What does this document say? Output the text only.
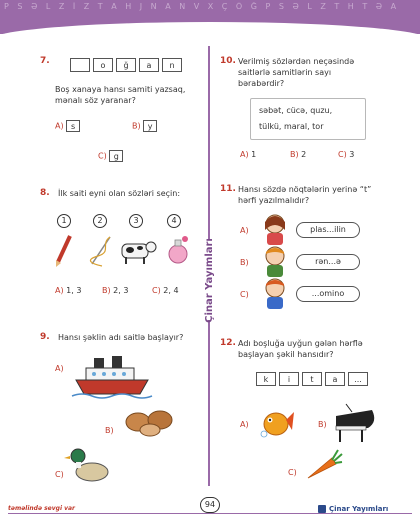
P S Ə L Z İ Z T A H J N A N V X Ç Ö Ğ P S Ə L Z T H T Ə A
Çinar Yayımları
7.	o	ğ	a	n
Boş xanaya hansı samiti yazsaq,
mənalı söz yaranar?
A) s	B) y
C) g
8. İlk saiti eyni olan sözləri seçin:
1	2	3	4
A) 1, 3	B) 2, 3	C) 2, 4
9. Hansı şəklin adı saitlə başlayır?
A)
B)
C)
10. Verilmiş sözlərdən neçəsində
saitlərlə samitlərin sayı
bərabərdir?
səbət, cücə, quzu,
tülkü, maral, tor
A) 1	B) 2	C) 3
11. Hansı sözdə nöqtələrin yerinə “t”
hərfi yazılmalıdır?
A)	plas...ilin
B)	rən...ə
C)	...omino
12. Adı boşluğa uyğun gələn hərflə
başlayan şəkil hansıdır?
k	i	t	a	...
A)	B)
C)
təməlində sevgi var	94	Çinar Yayımları
